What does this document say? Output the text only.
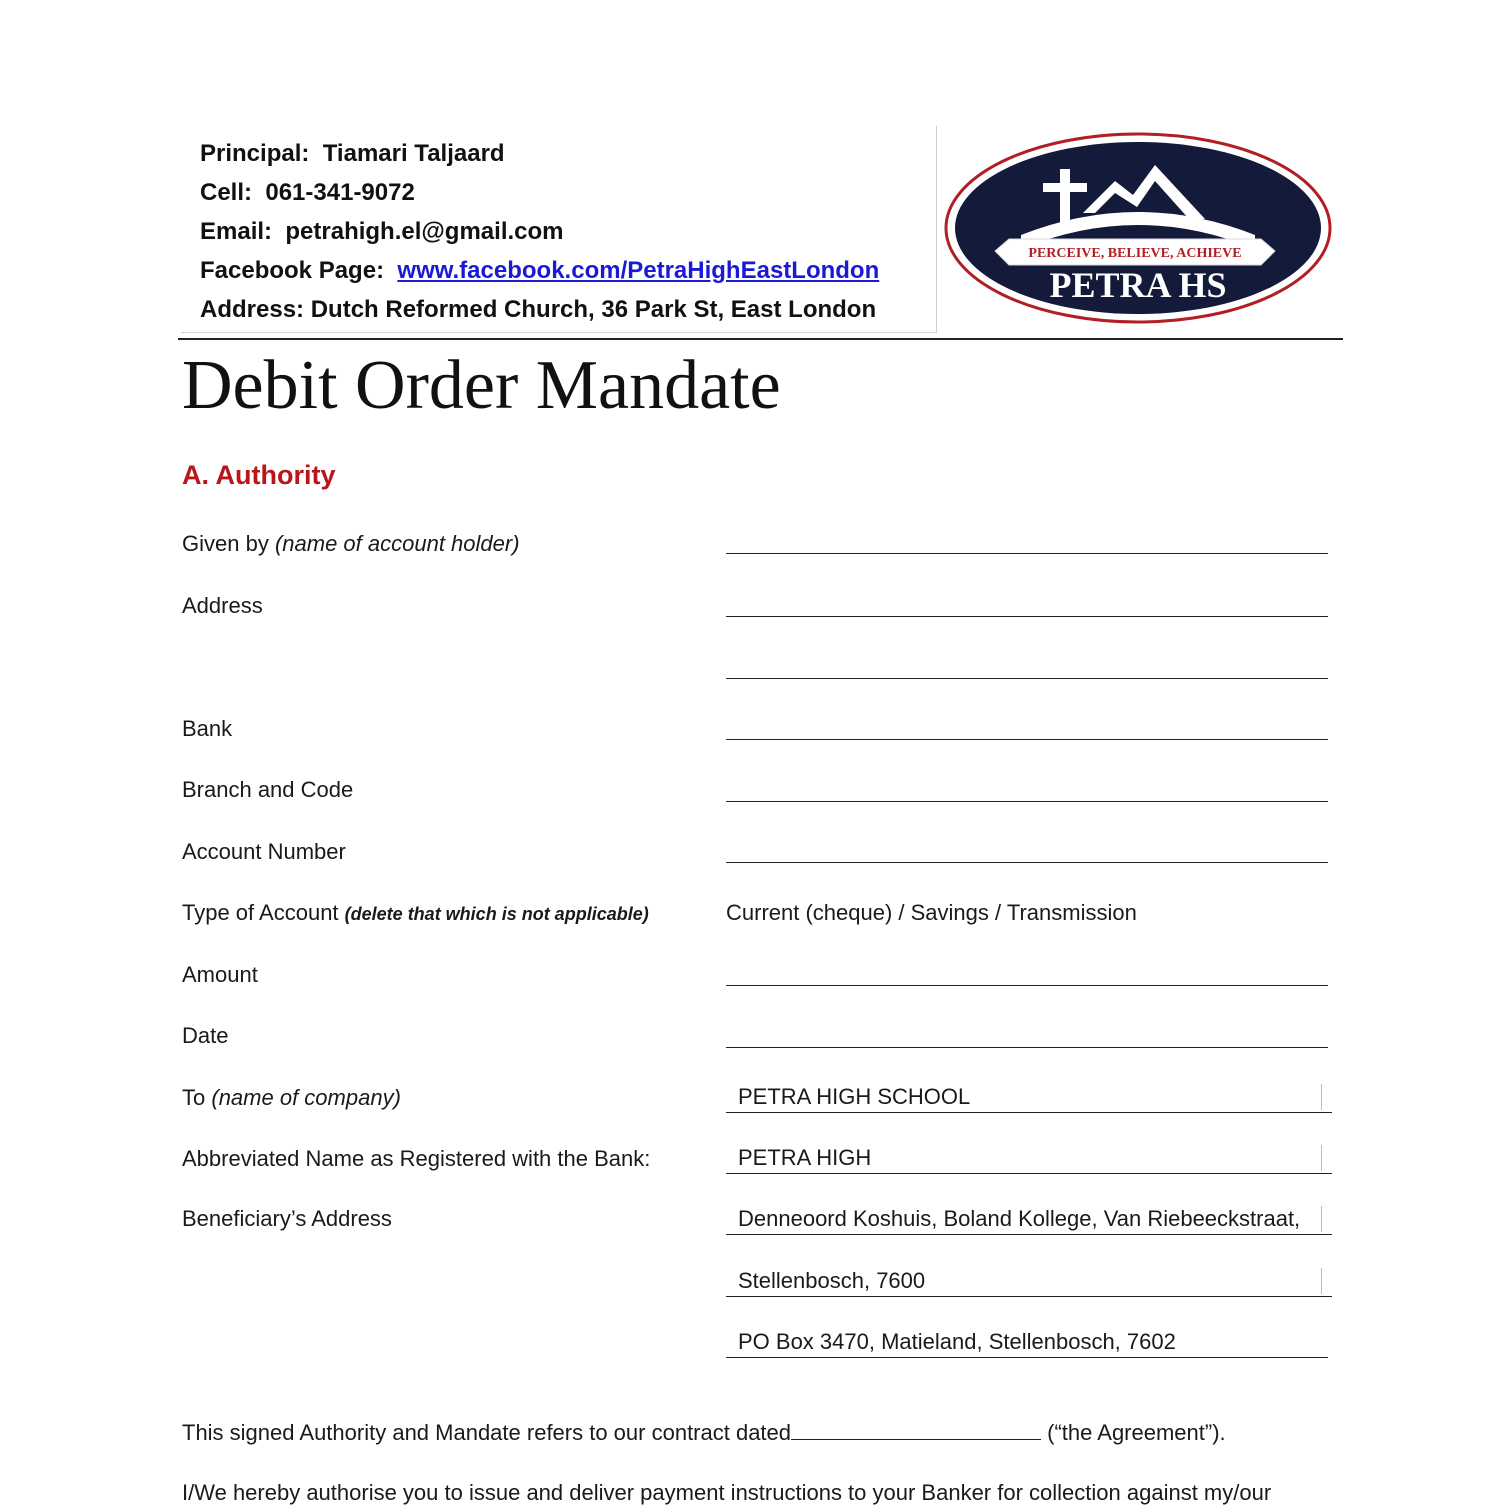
Principal: Tiamari Taljaard
Cell: 061-341-9072
Email: petrahigh.el@gmail.com
Facebook Page: www.facebook.com/PetraHighEastLondon
Address: Dutch Reformed Church, 36 Park St, East London
PERCEIVE, BELIEVE, ACHIEVE
PETRA HS
Debit Order Mandate
A. Authority
Given by (name of account holder)
Address
Bank
Branch and Code
Account Number
Type of Account (delete that which is not applicable)	Current (cheque) / Savings / Transmission
Amount
Date
To (name of company)	PETRA HIGH SCHOOL
Abbreviated Name as Registered with the Bank:	PETRA HIGH
Beneficiary’s Address	Denneoord Koshuis, Boland Kollege, Van Riebeeckstraat,
Stellenbosch, 7600
PO Box 3470, Matieland, Stellenbosch, 7602
This signed Authority and Mandate refers to our contract dated	(“the Agreement”).
I/We hereby authorise you to issue and deliver payment instructions to your Banker for collection against my/our
